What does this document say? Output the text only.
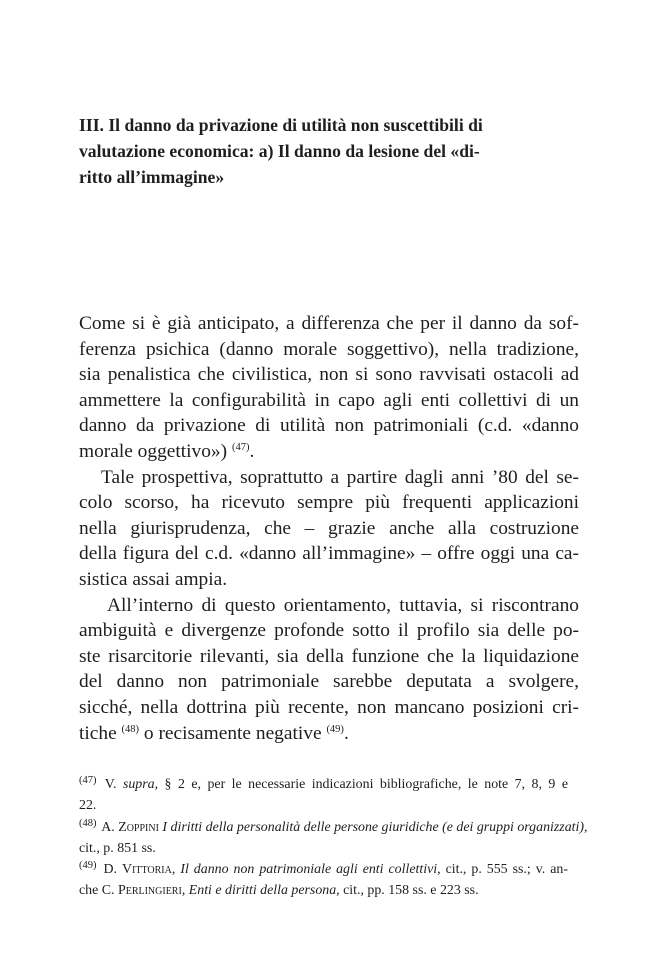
III. Il danno da privazione di utilità non suscettibili di
valutazione economica: a) Il danno da lesione del «di-
ritto all’immagine»
Come si è già anticipato, a differenza che per il danno da sof-
ferenza psichica (danno morale soggettivo), nella tradizione,
sia penalistica che civilistica, non si sono ravvisati ostacoli ad
ammettere la configurabilità in capo agli enti collettivi di un
danno da privazione di utilità non patrimoniali (c.d. «danno
morale oggettivo») $^{(47)}$.
Tale prospettiva, soprattutto a partire dagli anni ’80 del se-
colo scorso, ha ricevuto sempre più frequenti applicazioni
nella giurisprudenza, che – grazie anche alla costruzione
della figura del c.d. «danno all’immagine» – offre oggi una ca-
sistica assai ampia.
All’interno di questo orientamento, tuttavia, si riscontrano
ambiguità e divergenze profonde sotto il profilo sia delle po-
ste risarcitorie rilevanti, sia della funzione che la liquidazione
del danno non patrimoniale sarebbe deputata a svolgere,
sicché, nella dottrina più recente, non mancano posizioni cri-
tiche $^{(48)}$ o recisamente negative $^{(49)}$.
$^{(47)}$ V. supra, § 2 e, per le necessarie indicazioni bibliografiche, le note 7, 8, 9 e
22.
$^{(48)}$ A. Zoppini I diritti della personalità delle persone giuridiche (e dei gruppi organizzati),
cit., p. 851 ss.
$^{(49)}$ D. Vittoria, Il danno non patrimoniale agli enti collettivi, cit., p. 555 ss.; v. an-
che C. Perlingieri, Enti e diritti della persona, cit., pp. 158 ss. e 223 ss.
